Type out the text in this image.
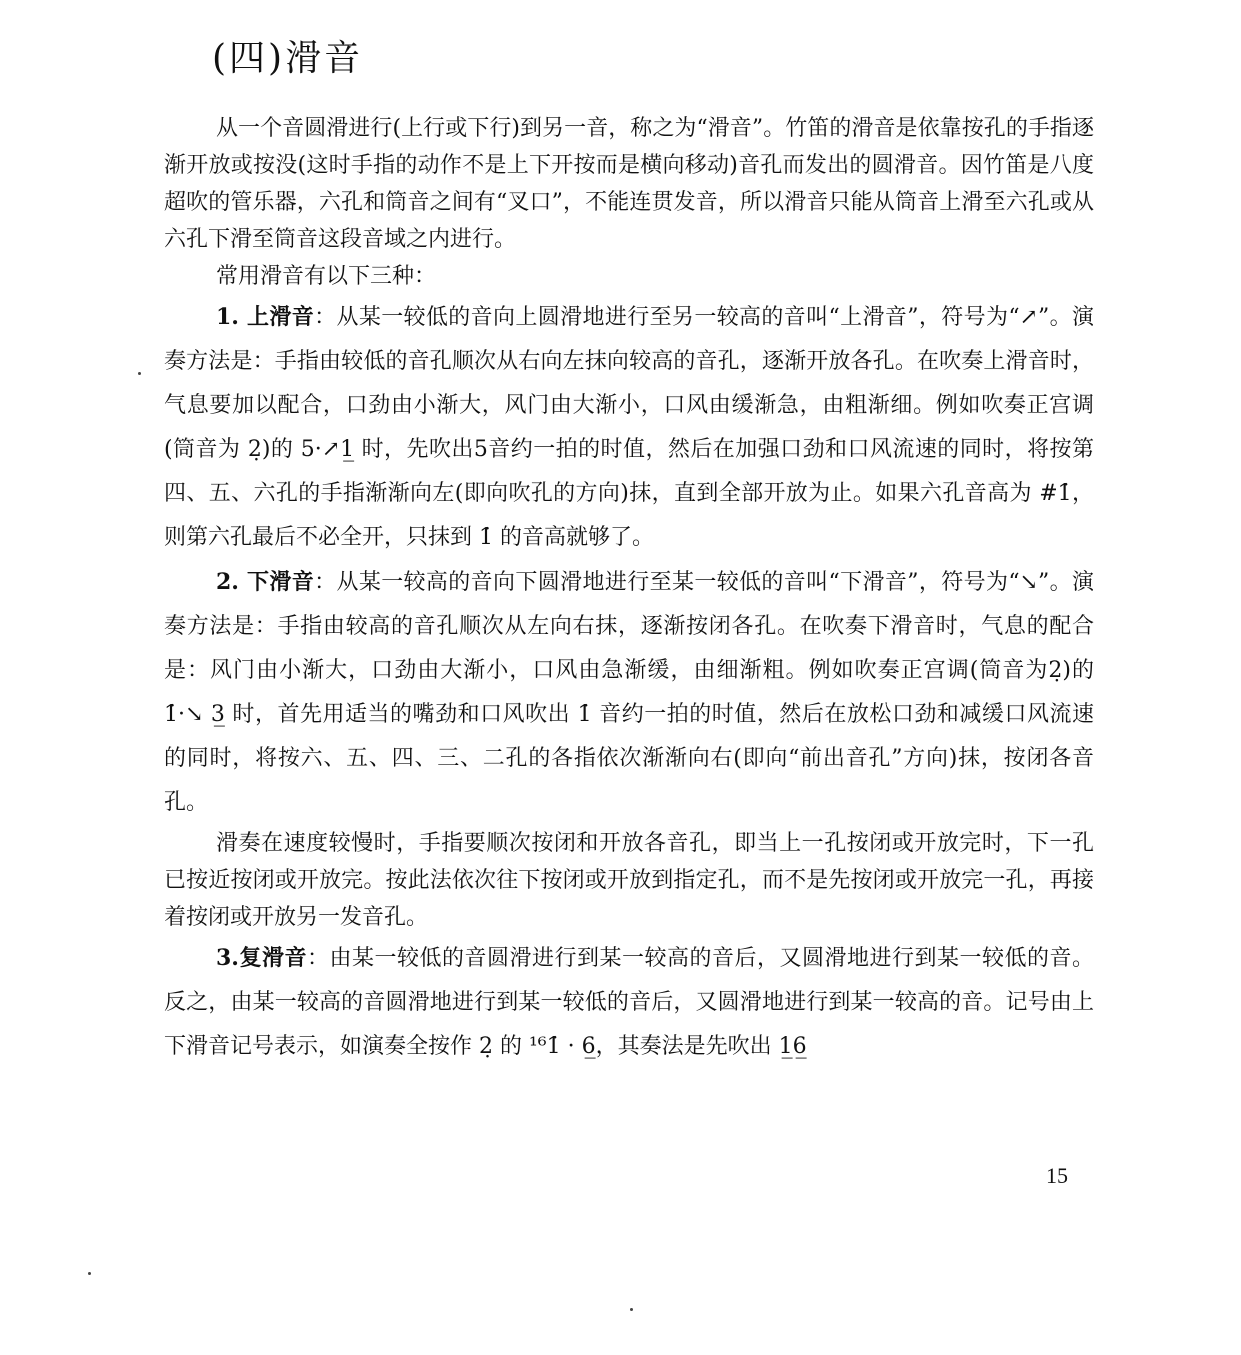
(四)滑音

从一个音圆滑进行(上行或下行)到另一音，称之为“滑音”。竹笛的滑音是依靠按孔的手指逐渐开放或按没(这时手指的动作不是上下开按而是横向移动)音孔而发出的圆滑音。因竹笛是八度超吹的管乐器，六孔和筒音之间有“叉口”，不能连贯发音，所以滑音只能从筒音上滑至六孔或从六孔下滑至筒音这段音域之内进行。

常用滑音有以下三种：

1. 上滑音：从某一较低的音向上圆滑地进行至另一较高的音叫“上滑音”，符号为“↗”。演奏方法是：手指由较低的音孔顺次从右向左抹向较高的音孔，逐渐开放各孔。在吹奏上滑音时，气息要加以配合，口劲由小渐大，风门由大渐小，口风由缓渐急，由粗渐细。例如吹奏正宫调(筒音为 2̣)的 5·↗1̲ 时，先吹出5音约一拍的时值，然后在加强口劲和口风流速的同时，将按第四、五、六孔的手指渐渐向左(即向吹孔的方向)抹，直到全部开放为止。如果六孔音高为 #1̇，则第六孔最后不必全开，只抹到 1̇ 的音高就够了。

2. 下滑音：从某一较高的音向下圆滑地进行至某一较低的音叫“下滑音”，符号为“↘”。演奏方法是：手指由较高的音孔顺次从左向右抹，逐渐按闭各孔。在吹奏下滑音时，气息的配合是：风门由小渐大，口劲由大渐小，口风由急渐缓，由细渐粗。例如吹奏正宫调(筒音为2̣)的 1̇·↘ 3̲ 时，首先用适当的嘴劲和口风吹出 1̇ 音约一拍的时值，然后在放松口劲和减缓口风流速的同时，将按六、五、四、三、二孔的各指依次渐渐向右(即向“前出音孔”方向)抹，按闭各音孔。

滑奏在速度较慢时，手指要顺次按闭和开放各音孔，即当上一孔按闭或开放完时，下一孔已按近按闭或开放完。按此法依次往下按闭或开放到指定孔，而不是先按闭或开放完一孔，再接着按闭或开放另一发音孔。

3.复滑音：由某一较低的音圆滑进行到某一较高的音后，又圆滑地进行到某一较低的音。反之，由某一较高的音圆滑地进行到某一较低的音后，又圆滑地进行到某一较高的音。记号由上下滑音记号表示，如演奏全按作 2̣ 的 ¹⁶1̇ · 6̲，其奏法是先吹出 1̲6̲

15
